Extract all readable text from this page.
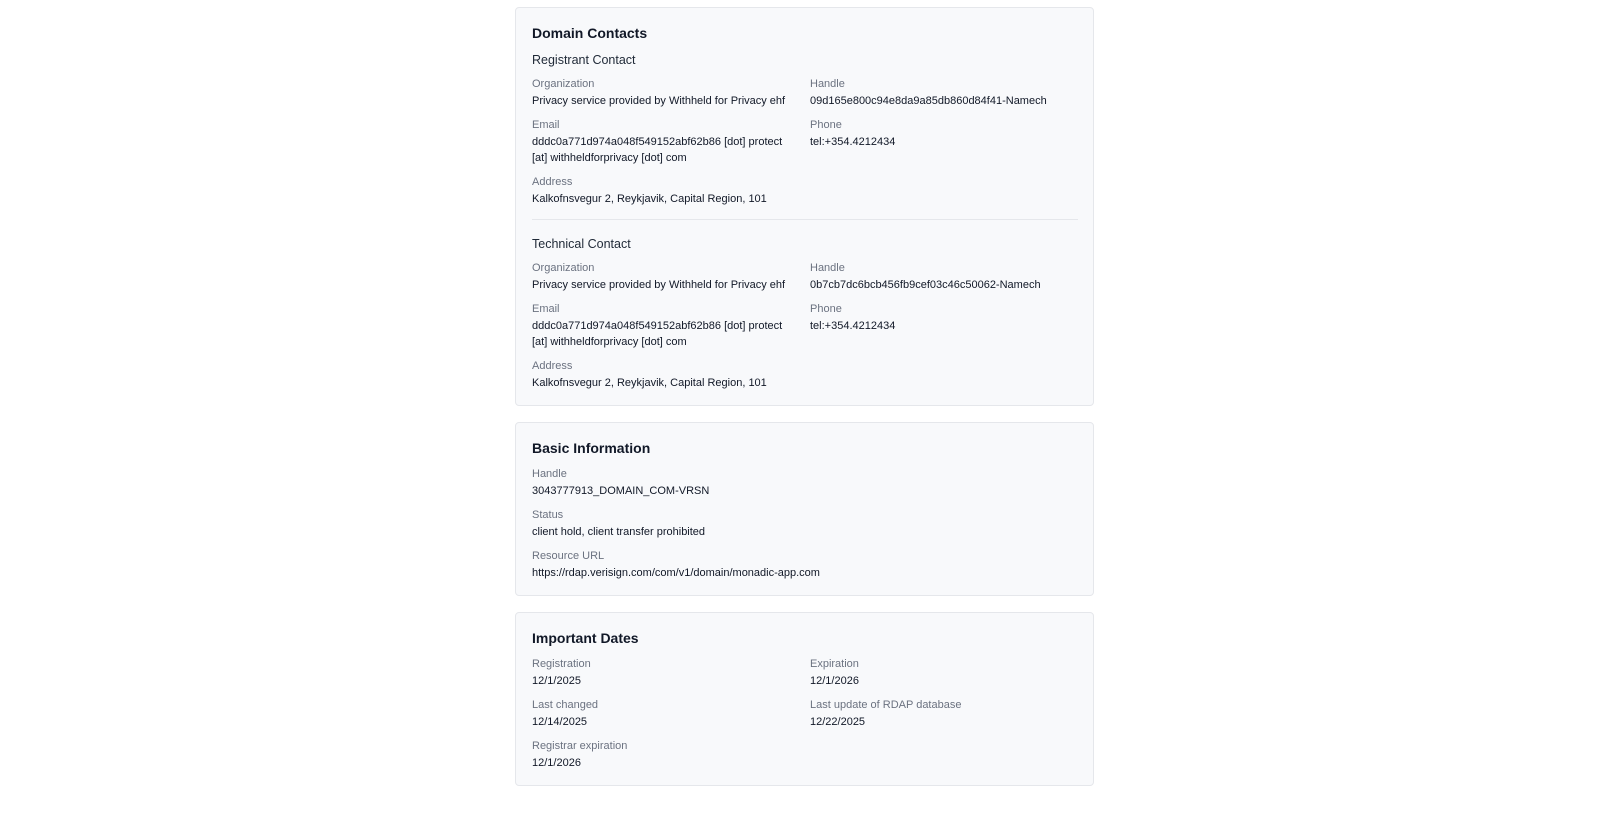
Domain Contacts
Registrant Contact
Organization
Privacy service provided by Withheld for Privacy ehf
Handle
09d165e800c94e8da9a85db860d84f41-Namech
Email
dddc0a771d974a048f549152abf62b86 [dot] protect [at] withheldforprivacy [dot] com
Phone
tel:+354.4212434
Address
Kalkofnsvegur 2, Reykjavik, Capital Region, 101
Technical Contact
Organization
Privacy service provided by Withheld for Privacy ehf
Handle
0b7cb7dc6bcb456fb9cef03c46c50062-Namech
Email
dddc0a771d974a048f549152abf62b86 [dot] protect [at] withheldforprivacy [dot] com
Phone
tel:+354.4212434
Address
Kalkofnsvegur 2, Reykjavik, Capital Region, 101
Basic Information
Handle
3043777913_DOMAIN_COM-VRSN
Status
client hold, client transfer prohibited
Resource URL
https://rdap.verisign.com/com/v1/domain/monadic-app.com
Important Dates
Registration
12/1/2025
Expiration
12/1/2026
Last changed
12/14/2025
Last update of RDAP database
12/22/2025
Registrar expiration
12/1/2026
